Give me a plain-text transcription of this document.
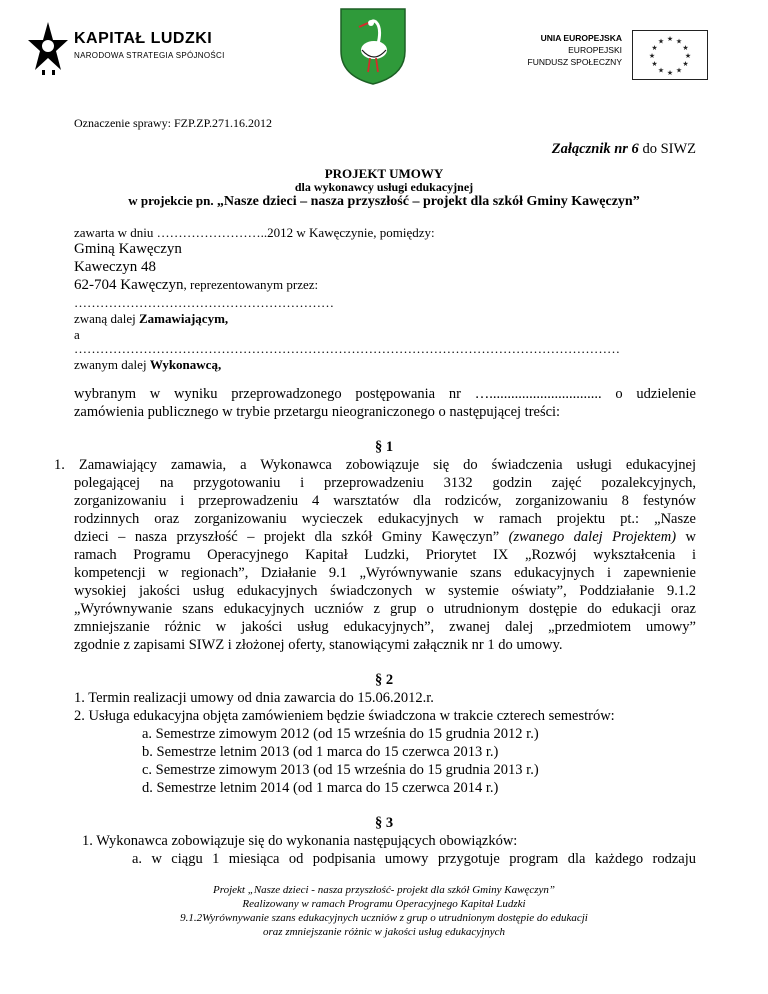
KAPITAŁ LUDZKI
NARODOWA STRATEGIA SPÓJNOŚCI
UNIA EUROPEJSKA
EUROPEJSKI
FUNDUSZ SPOŁECZNY
★ ★
★
★
★
★
★
★
★
★
★
★
Oznaczenie sprawy: FZP.ZP.271.16.2012
Załącznik nr 6 do SIWZ
PROJEKT UMOWY
dla wykonawcy usługi edukacyjnej
w projekcie pn. „Nasze dzieci – nasza przyszłość – projekt dla szkół Gminy Kawęczyn”
zawarta w dniu ……………………..2012 w Kawęczynie, pomiędzy:
Gminą Kawęczyn
Kaweczyn 48
62-704 Kawęczyn, reprezentowanym przez:
……………………………………………………
zwaną dalej Zamawiającym,
a
………………………………………………………………………………………………………………
zwanym dalej Wykonawcą,
wybranym w wyniku przeprowadzonego postępowania nr …............................... o udzielenie
zamówienia publicznego w trybie przetargu nieograniczonego o następującej treści:
§ 1
1. Zamawiający zamawia, a Wykonawca zobowiązuje się do świadczenia usługi edukacyjnej
polegającej na przygotowaniu i przeprowadzeniu 3132 godzin zajęć pozalekcyjnych,
zorganizowaniu i przeprowadzeniu 4 warsztatów dla rodziców, zorganizowaniu 8 festynów
rodzinnych oraz zorganizowaniu wycieczek edukacyjnych w ramach projektu pt.: „Nasze
dzieci – nasza przyszłość – projekt dla szkół Gminy Kawęczyn” (zwanego dalej Projektem) w
ramach Programu Operacyjnego Kapitał Ludzki, Priorytet IX „Rozwój wykształcenia i
kompetencji w regionach”, Działanie 9.1 „Wyrównywanie szans edukacyjnych i zapewnienie
wysokiej jakości usług edukacyjnych świadczonych w systemie oświaty”, Poddziałanie 9.1.2
„Wyrównywanie szans edukacyjnych uczniów z grup o utrudnionym dostępie do edukacji oraz
zmniejszanie różnic w jakości usług edukacyjnych”, zwanej dalej „przedmiotem umowy”
zgodnie z zapisami SIWZ i złożonej oferty, stanowiącymi załącznik nr 1 do umowy.
§ 2
1. Termin realizacji umowy od dnia zawarcia do 15.06.2012.r.
2. Usługa edukacyjna objęta zamówieniem będzie świadczona w trakcie czterech semestrów:
a. Semestrze zimowym 2012 (od 15 września do 15 grudnia 2012 r.)
b. Semestrze letnim 2013 (od 1 marca do 15 czerwca 2013 r.)
c. Semestrze zimowym 2013 (od 15 września do 15 grudnia 2013 r.)
d. Semestrze letnim 2014 (od 1 marca do 15 czerwca 2014 r.)
§ 3
1. Wykonawca zobowiązuje się do wykonania następujących obowiązków:
a. w ciągu 1 miesiąca od podpisania umowy przygotuje program dla każdego rodzaju
Projekt „Nasze dzieci - nasza przyszłość- projekt dla szkół Gminy Kawęczyn”
Realizowany w ramach Programu Operacyjnego Kapitał Ludzki
9.1.2Wyrównywanie szans edukacyjnych uczniów z grup o utrudnionym dostępie do edukacji
oraz zmniejszanie różnic w jakości usług edukacyjnych
